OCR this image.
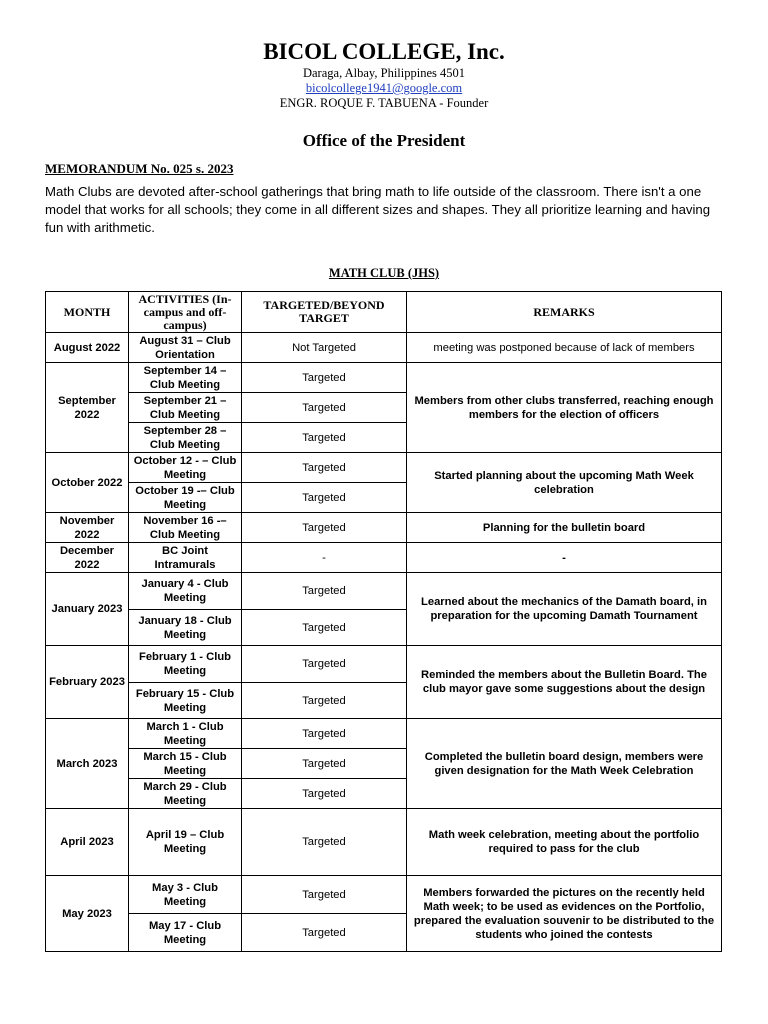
BICOL COLLEGE, Inc.
Daraga, Albay, Philippines 4501
bicolcollege1941@google.com
ENGR. ROQUE F. TABUENA - Founder
Office of the President
MEMORANDUM No. 025 s. 2023
Math Clubs are devoted after-school gatherings that bring math to life outside of the classroom. There isn't a one model that works for all schools; they come in all different sizes and shapes. They all prioritize learning and having fun with arithmetic.
MATH CLUB (JHS)
MONTH	ACTIVITIES (In-campus and off-campus)	TARGETED/BEYOND TARGET	REMARKS
August 2022	August 31 – Club Orientation	Not Targeted	meeting was postponed because of lack of members
September 2022	September 14 – Club Meeting	Targeted	Members from other clubs transferred, reaching enough members for the election of officers
	September 21 – Club Meeting	Targeted	
	September 28 – Club Meeting	Targeted	
October 2022	October 12 - – Club Meeting	Targeted	Started planning about the upcoming Math Week celebration
	October 19 -– Club Meeting	Targeted	
November 2022	November 16 -– Club Meeting	Targeted	Planning for the bulletin board
December 2022	BC Joint Intramurals	-	-
January 2023	January 4 - Club Meeting	Targeted	Learned about the mechanics of the Damath board, in preparation for the upcoming Damath Tournament
	January 18 - Club Meeting	Targeted	
February 2023	February 1 - Club Meeting	Targeted	Reminded the members about the Bulletin Board. The club mayor gave some suggestions about the design
	February 15 - Club Meeting	Targeted	
March 2023	March 1 - Club Meeting	Targeted	Completed the bulletin board design, members were given designation for the Math Week Celebration
	March 15 - Club Meeting	Targeted	
	March 29 - Club Meeting	Targeted	
April 2023	April 19 – Club Meeting	Targeted	Math week celebration, meeting about the portfolio required to pass for the club
May 2023	May 3 - Club Meeting	Targeted	Members forwarded the pictures on the recently held Math week; to be used as evidences on the Portfolio, prepared the evaluation souvenir to be distributed to the students who joined the contests
	May 17 - Club Meeting	Targeted	
